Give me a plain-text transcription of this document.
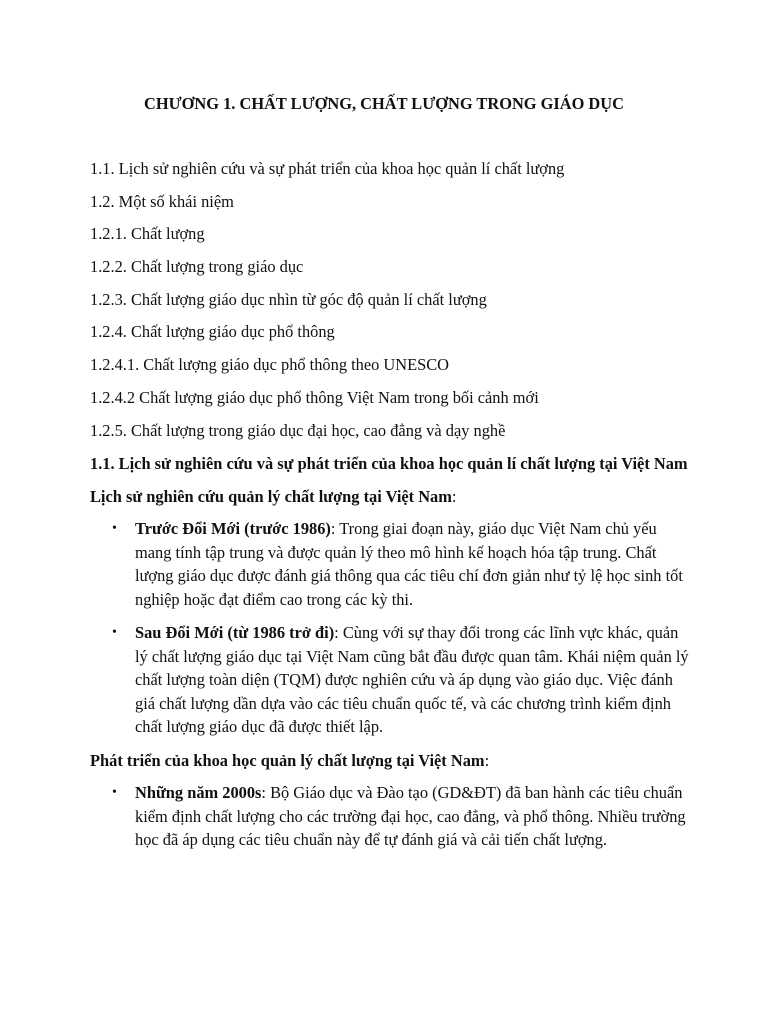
CHƯƠNG 1. CHẤT LƯỢNG, CHẤT LƯỢNG TRONG GIÁO DỤC
1.1. Lịch sử nghiên cứu và sự phát triển của khoa học quản lí chất lượng
1.2. Một số khái niệm
1.2.1. Chất lượng
1.2.2. Chất lượng trong giáo dục
1.2.3. Chất lượng giáo dục nhìn từ góc độ quản lí chất lượng
1.2.4. Chất lượng giáo dục phổ thông
1.2.4.1. Chất lượng giáo dục phổ thông theo UNESCO
1.2.4.2 Chất lượng giáo dục phổ thông Việt Nam trong bối cảnh mới
1.2.5. Chất lượng trong giáo dục đại học, cao đẳng và dạy nghề
1.1. Lịch sử nghiên cứu và sự phát triển của khoa học quản lí chất lượng tại Việt Nam
Lịch sử nghiên cứu quản lý chất lượng tại Việt Nam:
• Trước Đổi Mới (trước 1986): Trong giai đoạn này, giáo dục Việt Nam chủ yếu mang tính tập trung và được quản lý theo mô hình kế hoạch hóa tập trung. Chất lượng giáo dục được đánh giá thông qua các tiêu chí đơn giản như tỷ lệ học sinh tốt nghiệp hoặc đạt điểm cao trong các kỳ thi.
• Sau Đổi Mới (từ 1986 trở đi): Cùng với sự thay đổi trong các lĩnh vực khác, quản lý chất lượng giáo dục tại Việt Nam cũng bắt đầu được quan tâm. Khái niệm quản lý chất lượng toàn diện (TQM) được nghiên cứu và áp dụng vào giáo dục. Việc đánh giá chất lượng dần dựa vào các tiêu chuẩn quốc tế, và các chương trình kiểm định chất lượng giáo dục đã được thiết lập.
Phát triển của khoa học quản lý chất lượng tại Việt Nam:
• Những năm 2000s: Bộ Giáo dục và Đào tạo (GD&ĐT) đã ban hành các tiêu chuẩn kiểm định chất lượng cho các trường đại học, cao đẳng, và phổ thông. Nhiều trường học đã áp dụng các tiêu chuẩn này để tự đánh giá và cải tiến chất lượng.
